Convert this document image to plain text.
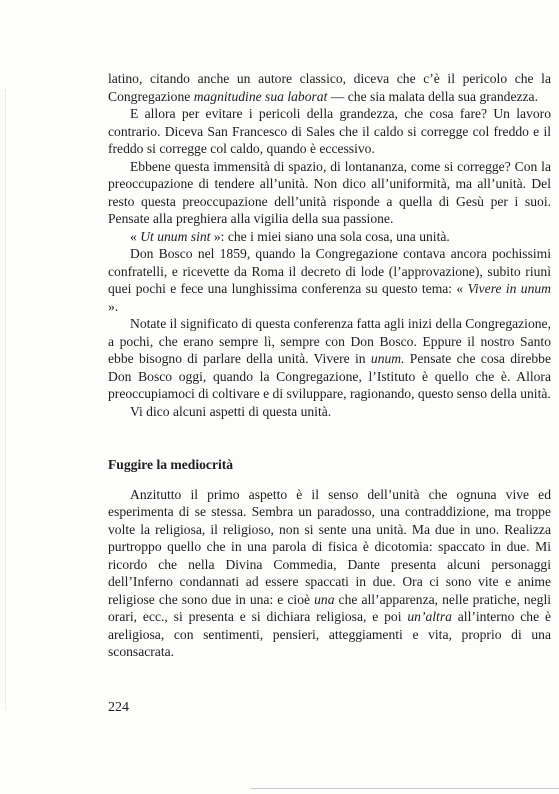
latino, citando anche un autore classico, diceva che c’è il pericolo che la Congregazione magnitudine sua laborat — che sia malata della sua grandezza.

E allora per evitare i pericoli della grandezza, che cosa fare? Un lavoro contrario. Diceva San Francesco di Sales che il caldo si corregge col freddo e il freddo si corregge col caldo, quando è eccessivo.

Ebbene questa immensità di spazio, di lontananza, come si corregge? Con la preoccupazione di tendere all’unità. Non dico all’uniformità, ma all’unità. Del resto questa preoccupazione dell’unità risponde a quella di Gesù per i suoi. Pensate alla preghiera alla vigilia della sua passione.

« Ut unum sint »: che i miei siano una sola cosa, una unità.

Don Bosco nel 1859, quando la Congregazione contava ancora pochissimi confratelli, e ricevette da Roma il decreto di lode (l’approvazione), subito riunì quei pochi e fece una lunghissima conferenza su questo tema: « Vivere in unum ».

Notate il significato di questa conferenza fatta agli inizi della Congregazione, a pochi, che erano sempre lì, sempre con Don Bosco. Eppure il nostro Santo ebbe bisogno di parlare della unità. Vivere in unum. Pensate che cosa direbbe Don Bosco oggi, quando la Congregazione, l’Istituto è quello che è. Allora preoccupiamoci di coltivare e di sviluppare, ragionando, questo senso della unità.

Vi dico alcuni aspetti di questa unità.

Fuggire la mediocrità

Anzitutto il primo aspetto è il senso dell’unità che ognuna vive ed esperimenta di se stessa. Sembra un paradosso, una contraddizione, ma troppe volte la religiosa, il religioso, non si sente una unità. Ma due in uno. Realizza purtroppo quello che in una parola di fisica è dicotomia: spaccato in due. Mi ricordo che nella Divina Commedia, Dante presenta alcuni personaggi dell’Inferno condannati ad essere spaccati in due. Ora ci sono vite e anime religiose che sono due in una: e cioè una che all’apparenza, nelle pratiche, negli orari, ecc., si presenta e si dichiara religiosa, e poi un’altra all’interno che è areligiosa, con sentimenti, pensieri, atteggiamenti e vita, proprio di una sconsacrata.

224
